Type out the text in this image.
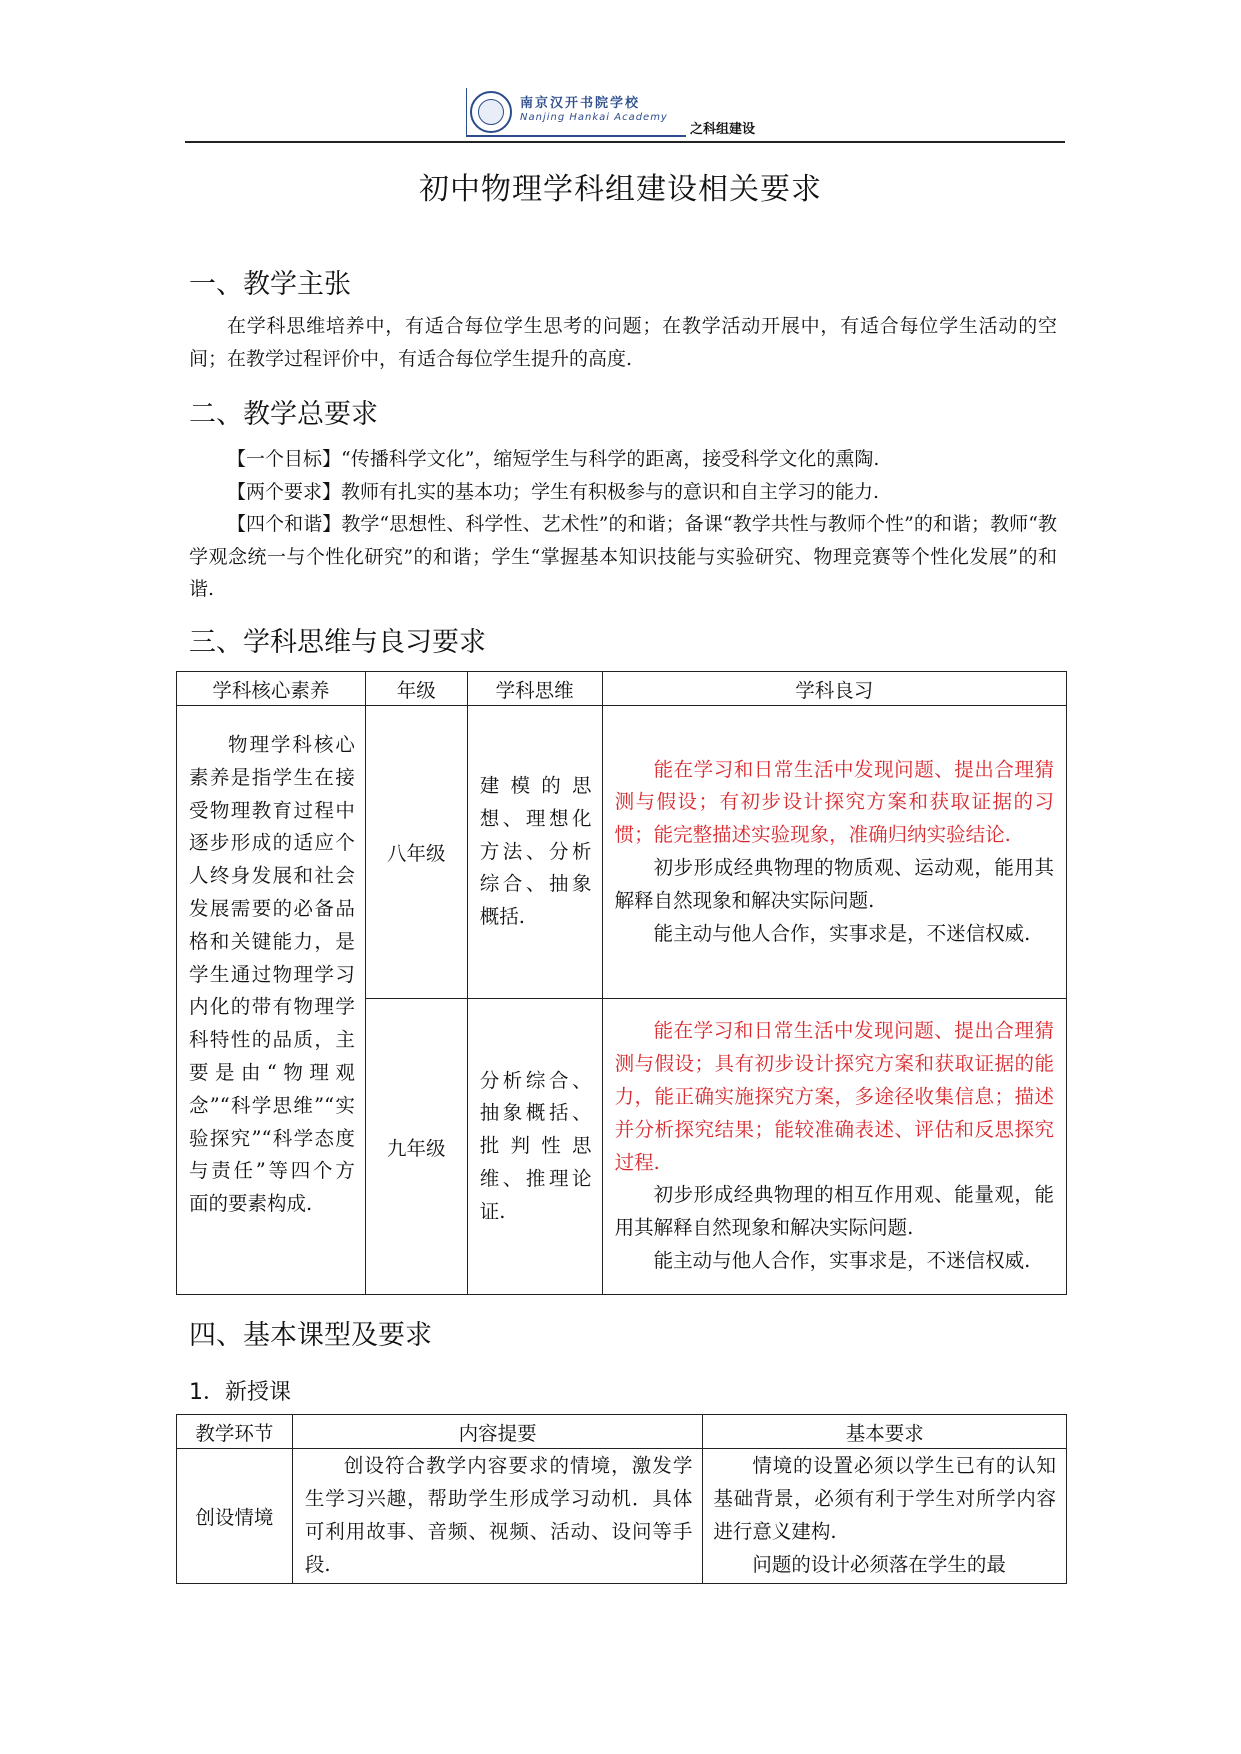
南京汉开书院学校
Nanjing Hankai Academy
之科组建设
初中物理学科组建设相关要求
一、教学主张

在学科思维培养中，有适合每位学生思考的问题；在教学活动开展中，有适合每位学生活动的空间；在教学过程评价中，有适合每位学生提升的高度.

二、教学总要求

【一个目标】“传播科学文化”，缩短学生与科学的距离，接受科学文化的熏陶.

【两个要求】教师有扎实的基本功；学生有积极参与的意识和自主学习的能力.

【四个和谐】教学“思想性、科学性、艺术性”的和谐；备课“教学共性与教师个性”的和谐；教师“教学观念统一与个性化研究”的和谐；学生“掌握基本知识技能与实验研究、物理竞赛等个性化发展”的和谐.

三、学科思维与良习要求
学科核心素养	年级	学科思维	学科良习

物理学科核心素养是指学生在接受物理教育过程中逐步形成的适应个人终身发展和社会发展需要的必备品格和关键能力，是学生通过物理学习内化的带有物理学科特性的品质，主要是由“物理观念”“科学思维”“实验探究”“科学态度与责任”等四个方面的要素构成.	八年级	建模的思想、理想化方法、分析综合、抽象概括.	能在学习和日常生活中发现问题、提出合理猜测与假设；有初步设计探究方案和获取证据的习惯；能完整描述实验现象，准确归纳实验结论.

初步形成经典物理的物质观、运动观，能用其解释自然现象和解决实际问题.

能主动与他人合作，实事求是，不迷信权威.

	九年级	分析综合、抽象概括、批判性思维、推理论证.	能在学习和日常生活中发现问题、提出合理猜测与假设；具有初步设计探究方案和获取证据的能力，能正确实施探究方案，多途径收集信息；描述并分析探究结果；能较准确表述、评估和反思探究过程.

初步形成经典物理的相互作用观、能量观，能用其解释自然现象和解决实际问题.

能主动与他人合作，实事求是，不迷信权威.

四、基本课型及要求
1．新授课
教学环节	内容提要	基本要求
创设情境	创设符合教学内容要求的情境，激发学生学习兴趣，帮助学生形成学习动机．具体可利用故事、音频、视频、活动、设问等手段.	情境的设置必须以学生已有的认知基础背景，必须有利于学生对所学内容进行意义建构.

问题的设计必须落在学生的最
